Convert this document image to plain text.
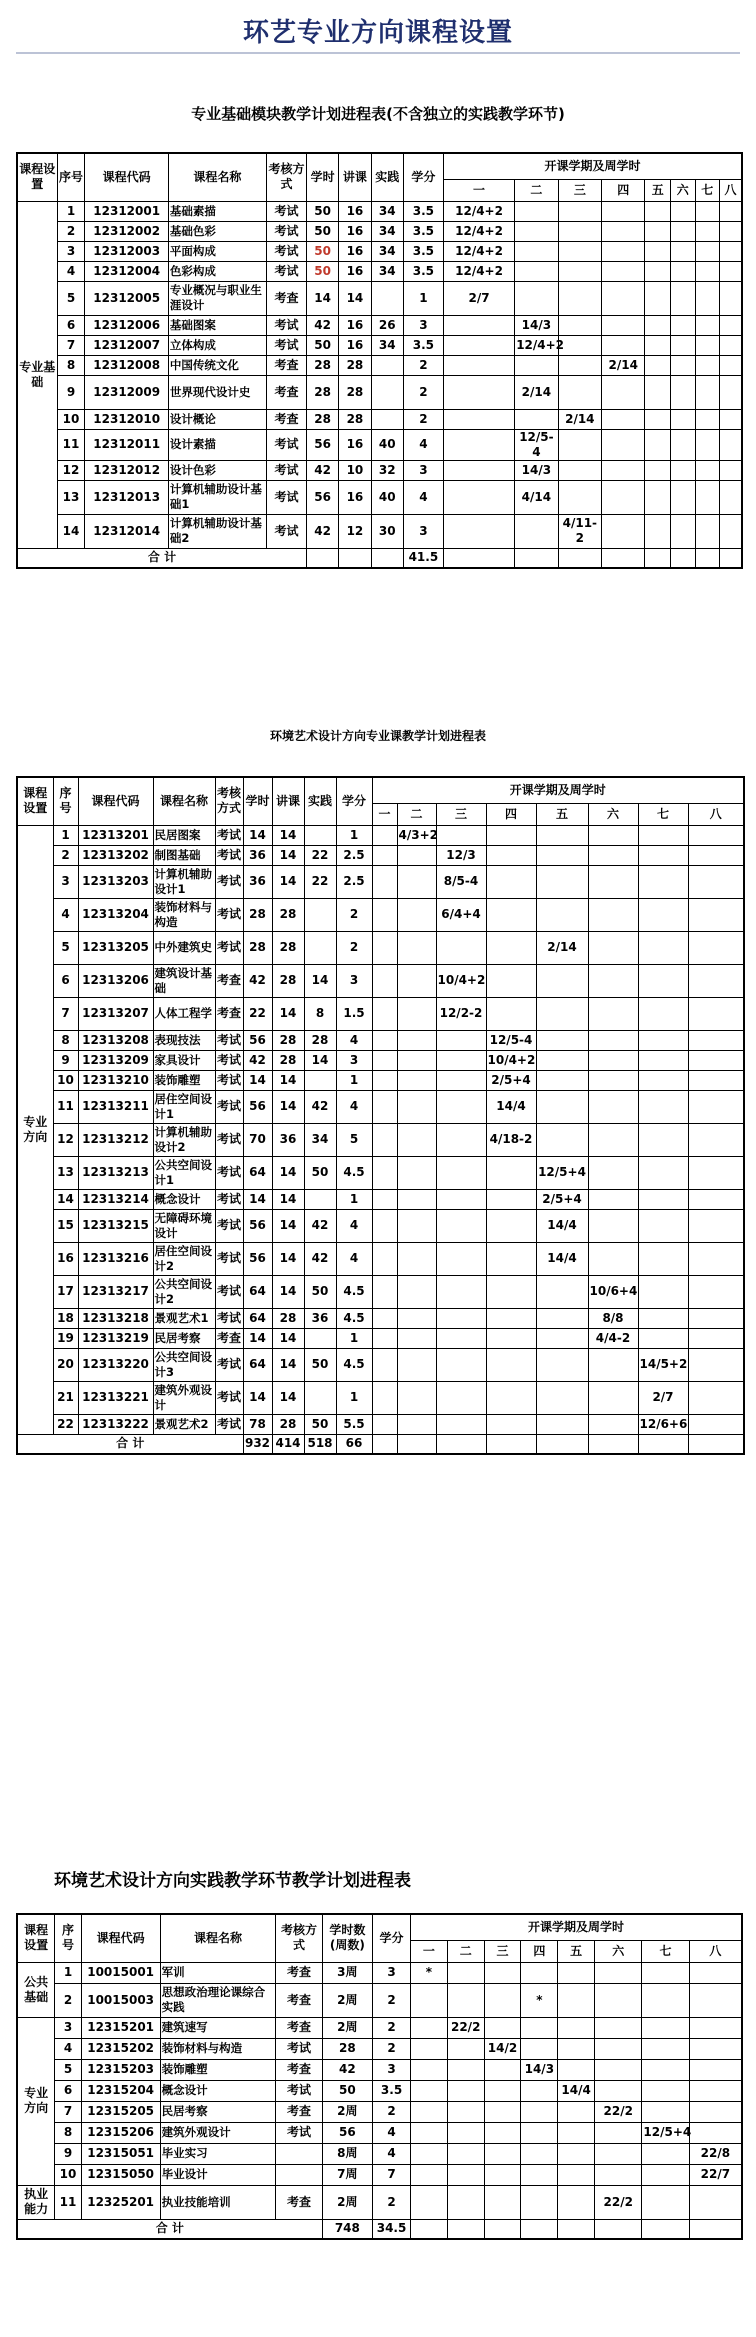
环艺专业方向课程设置
专业基础模块教学计划进程表(不含独立的实践教学环节)
课程设置	序号	课程代码	课程名称	考核方式	学时	讲课	实践	学分	开课学期及周学时							
									一	二	三	四	五	六	七	八
专业基础	1	12312001	基础素描	考试	50	16	34	3.5	12/4+2							
	2	12312002	基础色彩	考试	50	16	34	3.5	12/4+2							
	3	12312003	平面构成	考试	50	16	34	3.5	12/4+2							
	4	12312004	色彩构成	考试	50	16	34	3.5	12/4+2							
	5	12312005	专业概况与职业生涯设计	考查	14	14		1	2/7							
	6	12312006	基础图案	考试	42	16	26	3		14/3						
	7	12312007	立体构成	考试	50	16	34	3.5		12/4+2						
	8	12312008	中国传统文化	考查	28	28		2				2/14				
	9	12312009	世界现代设计史	考查	28	28		2		2/14						
	10	12312010	设计概论	考查	28	28		2			2/14					
	11	12312011	设计素描	考试	56	16	40	4		12/5-4						
	12	12312012	设计色彩	考试	42	10	32	3		14/3						
	13	12312013	计算机辅助设计基础1	考试	56	16	40	4		4/14						
	14	12312014	计算机辅助设计基础2	考试	42	12	30	3			4/11-2					
合 计								41.5								
环境艺术设计方向专业课教学计划进程表
课程设置	序号	课程代码	课程名称	考核方式	学时	讲课	实践	学分	开课学期及周学时							
									一	二	三	四	五	六	七	八
专业方向	1	12313201	民居图案	考试	14	14		1		4/3+2						
	2	12313202	制图基础	考试	36	14	22	2.5			12/3					
	3	12313203	计算机辅助设计1	考试	36	14	22	2.5			8/5-4					
	4	12313204	装饰材料与构造	考试	28	28		2			6/4+4					
	5	12313205	中外建筑史	考试	28	28		2					2/14			
	6	12313206	建筑设计基础	考查	42	28	14	3			10/4+2					
	7	12313207	人体工程学	考查	22	14	8	1.5			12/2-2					
	8	12313208	表现技法	考试	56	28	28	4				12/5-4				
	9	12313209	家具设计	考试	42	28	14	3				10/4+2				
	10	12313210	装饰雕塑	考试	14	14		1				2/5+4				
	11	12313211	居住空间设计1	考试	56	14	42	4				14/4				
	12	12313212	计算机辅助设计2	考试	70	36	34	5				4/18-2				
	13	12313213	公共空间设计1	考试	64	14	50	4.5					12/5+4			
	14	12313214	概念设计	考试	14	14		1					2/5+4			
	15	12313215	无障碍环境设计	考试	56	14	42	4					14/4			
	16	12313216	居住空间设计2	考试	56	14	42	4					14/4			
	17	12313217	公共空间设计2	考试	64	14	50	4.5						10/6+4		
	18	12313218	景观艺术1	考试	64	28	36	4.5						8/8		
	19	12313219	民居考察	考查	14	14		1						4/4-2		
	20	12313220	公共空间设计3	考试	64	14	50	4.5							14/5+2	
	21	12313221	建筑外观设计	考试	14	14		1							2/7	
	22	12313222	景观艺术2	考试	78	28	50	5.5							12/6+6	
合 计					932	414	518	66								
环境艺术设计方向实践教学环节教学计划进程表
课程设置	序号	课程代码	课程名称	考核方式	学时数(周数)	学分	开课学期及周学时							
							一	二	三	四	五	六	七	八
公共基础	1	10015001	军训	考查	3周	3	*							
	2	10015003	思想政治理论课综合实践	考查	2周	2				*				
专业方向	3	12315201	建筑速写	考查	2周	2		22/2						
	4	12315202	装饰材料与构造	考试	28	2			14/2					
	5	12315203	装饰雕塑	考查	42	3				14/3				
	6	12315204	概念设计	考试	50	3.5					14/4			
	7	12315205	民居考察	考查	2周	2						22/2		
	8	12315206	建筑外观设计	考试	56	4							12/5+4	
	9	12315051	毕业实习		8周	4								22/8
	10	12315050	毕业设计		7周	7								22/7
执业能力	11	12325201	执业技能培训	考查	2周	2						22/2		
合 计					748	34.5								
